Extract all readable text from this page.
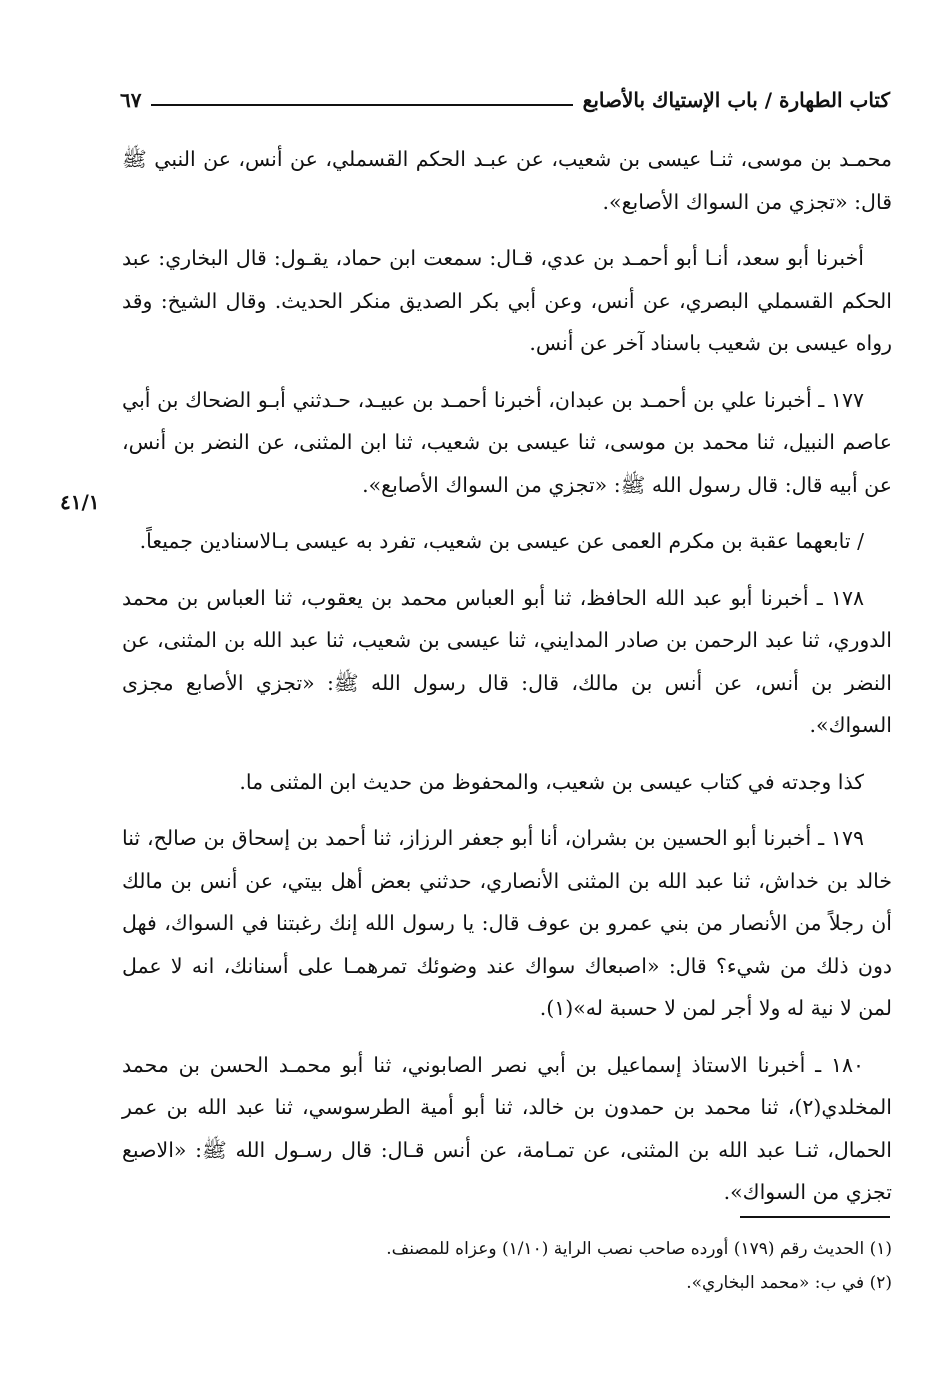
كتاب الطهارة / باب الإستياك بالأصابع
٦٧
٤١/١

محمـد بن موسى، ثنـا عيسى بن شعيب، عن عبـد الحكم القسملي، عن أنس، عن النبي ﷺ قال: «تجزي من السواك الأصابع».

أخبرنا أبو سعد، أنـا أبو أحمـد بن عدي، قـال: سمعت ابن حماد، يقـول: قال البخاري: عبد الحكم القسملي البصري، عن أنس، وعن أبي بكر الصديق منكر الحديث. وقال الشيخ: وقد رواه عيسى بن شعيب باسناد آخر عن أنس.

١٧٧ ـ أخبرنا علي بن أحمـد بن عبدان، أخبرنا أحمـد بن عبيـد، حـدثني أبـو الضحاك بن أبي عاصم النبيل، ثنا محمد بن موسى، ثنا عيسى بن شعيب، ثنا ابن المثنى، عن النضر بن أنس، عن أبيه قال: قال رسول الله ﷺ: «تجزي من السواك الأصابع».

/ تابعهما عقبة بن مكرم العمى عن عيسى بن شعيب، تفرد به عيسى بـالاسنادين جميعاً.

١٧٨ ـ أخبرنا أبو عبد الله الحافظ، ثنا أبو العباس محمد بن يعقوب، ثنا العباس بن محمد الدوري، ثنا عبد الرحمن بن صادر المدايني، ثنا عيسى بن شعيب، ثنا عبد الله بن المثنى، عن النضر بن أنس، عن أنس بن مالك، قال: قال رسول الله ﷺ: «تجزي الأصابع مجزى السواك».

كذا وجدته في كتاب عيسى بن شعيب، والمحفوظ من حديث ابن المثنى ما.

١٧٩ ـ أخبرنا أبو الحسين بن بشران، أنا أبو جعفر الرزاز، ثنا أحمد بن إسحاق بن صالح، ثنا خالد بن خداش، ثنا عبد الله بن المثنى الأنصاري، حدثني بعض أهل بيتي، عن أنس بن مالك أن رجلاً من الأنصار من بني عمرو بن عوف قال: يا رسول الله إنك رغبتنا في السواك، فهل دون ذلك من شيء؟ قال: «اصبعاك سواك عند وضوئك تمرهمـا على أسنانك، انه لا عمل لمن لا نية له ولا أجر لمن لا حسبة له»(١).

١٨٠ ـ أخبرنا الاستاذ إسماعيل بن أبي نصر الصابوني، ثنا أبو محمـد الحسن بن محمد المخلدي(٢)، ثنا محمد بن حمدون بن خالد، ثنا أبو أمية الطرسوسي، ثنا عبد الله بن عمر الحمال، ثنـا عبد الله بن المثنى، عن تمـامة، عن أنس قـال: قال رسـول الله ﷺ: «الاصبع تجزي من السواك».

(١) الحديث رقم (١٧٩) أورده صاحب نصب الراية (١/١٠) وعزاه للمصنف.

(٢) في ب: «محمد البخاري».
